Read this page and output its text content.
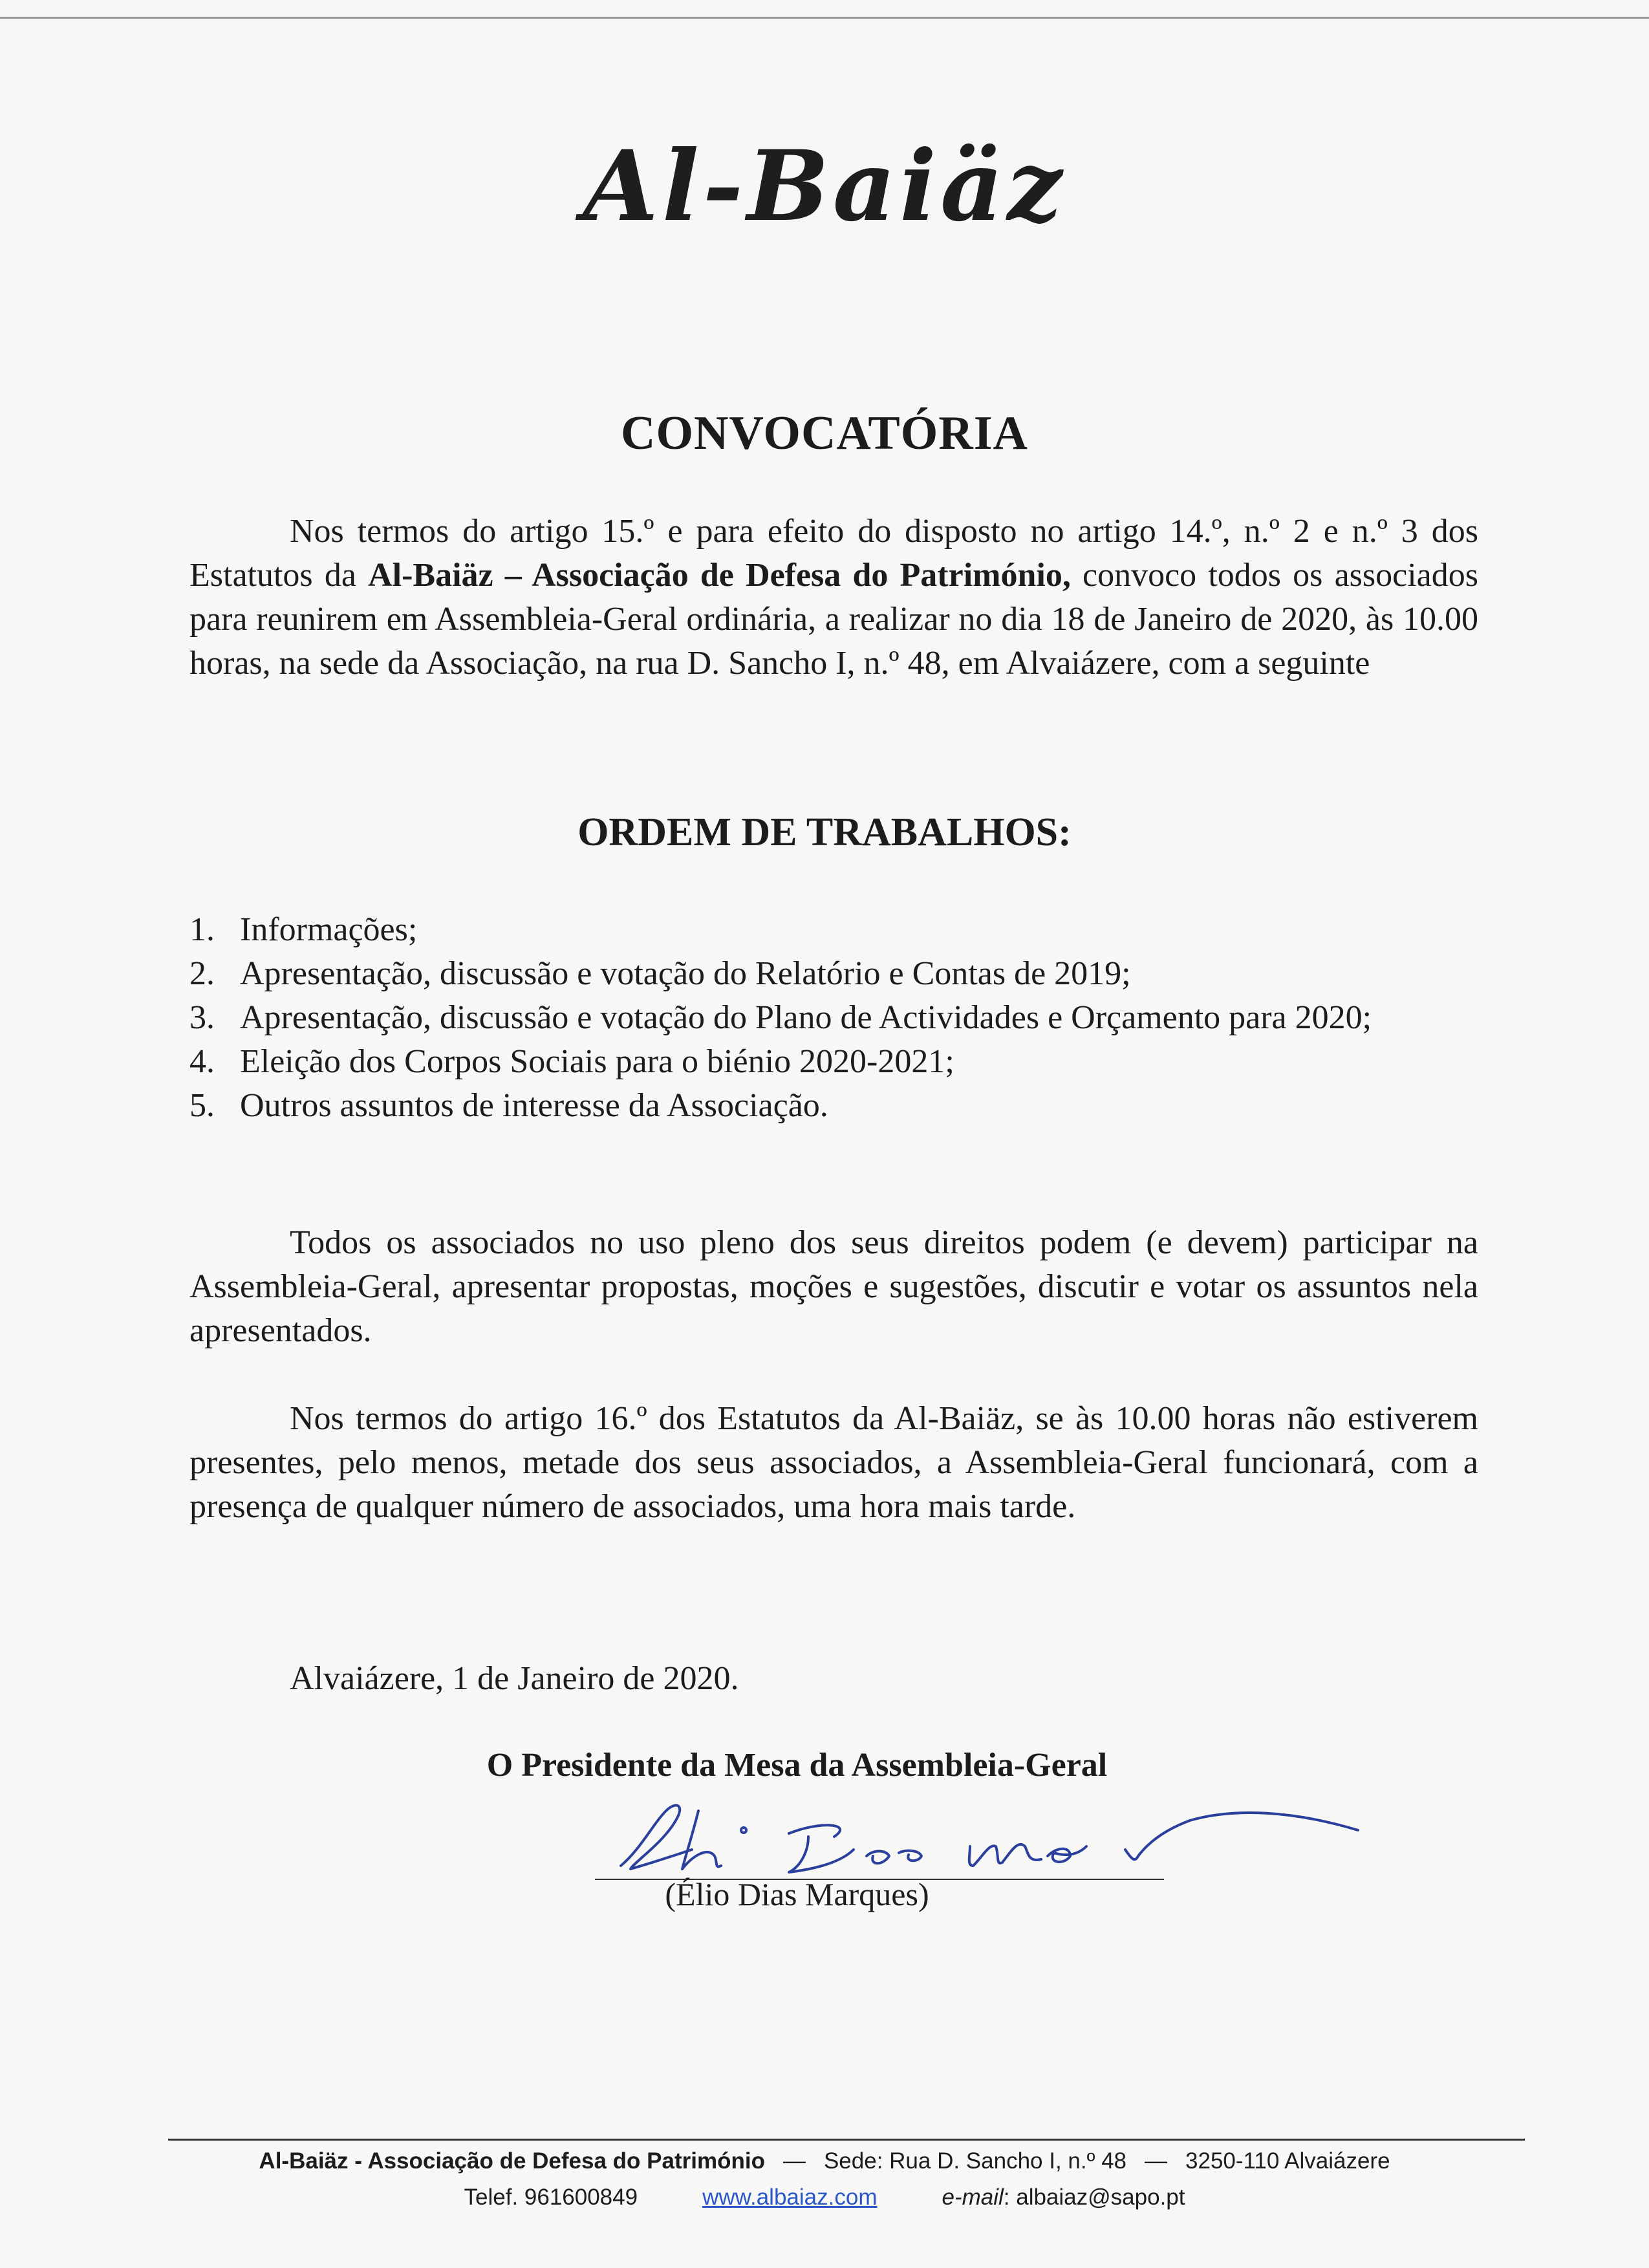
Al-Baiäz
CONVOCATÓRIA

Nos termos do artigo 15.º e para efeito do disposto no artigo 14.º, n.º 2 e n.º 3 dos Estatutos da Al-Baiäz – Associação de Defesa do Património, convoco todos os associados para reunirem em Assembleia-Geral ordinária, a realizar no dia 18 de Janeiro de 2020, às 10.00 horas, na sede da Associação, na rua D. Sancho I, n.º 48, em Alvaiázere, com a seguinte

ORDEM DE TRABALHOS:
1. Informações;
2. Apresentação, discussão e votação do Relatório e Contas de 2019;
3. Apresentação, discussão e votação do Plano de Actividades e Orçamento para 2020;
4. Eleição dos Corpos Sociais para o biénio 2020-2021;
5. Outros assuntos de interesse da Associação.

Todos os associados no uso pleno dos seus direitos podem (e devem) participar na Assembleia-Geral, apresentar propostas, moções e sugestões, discutir e votar os assuntos nela apresentados.

Nos termos do artigo 16.º dos Estatutos da Al-Baiäz, se às 10.00 horas não estiverem presentes, pelo menos, metade dos seus associados, a Assembleia-Geral funcionará, com a presença de qualquer número de associados, uma hora mais tarde.

Alvaiázere, 1 de Janeiro de 2020.
O Presidente da Mesa da Assembleia-Geral
(Élio Dias Marques)
Al-Baiäz - Associação de Defesa do Património — Sede: Rua D. Sancho I, n.º 48 — 3250-110 Alvaiázere
Telef. 961600849	www.albaiaz.com	e-mail: albaiaz@sapo.pt
